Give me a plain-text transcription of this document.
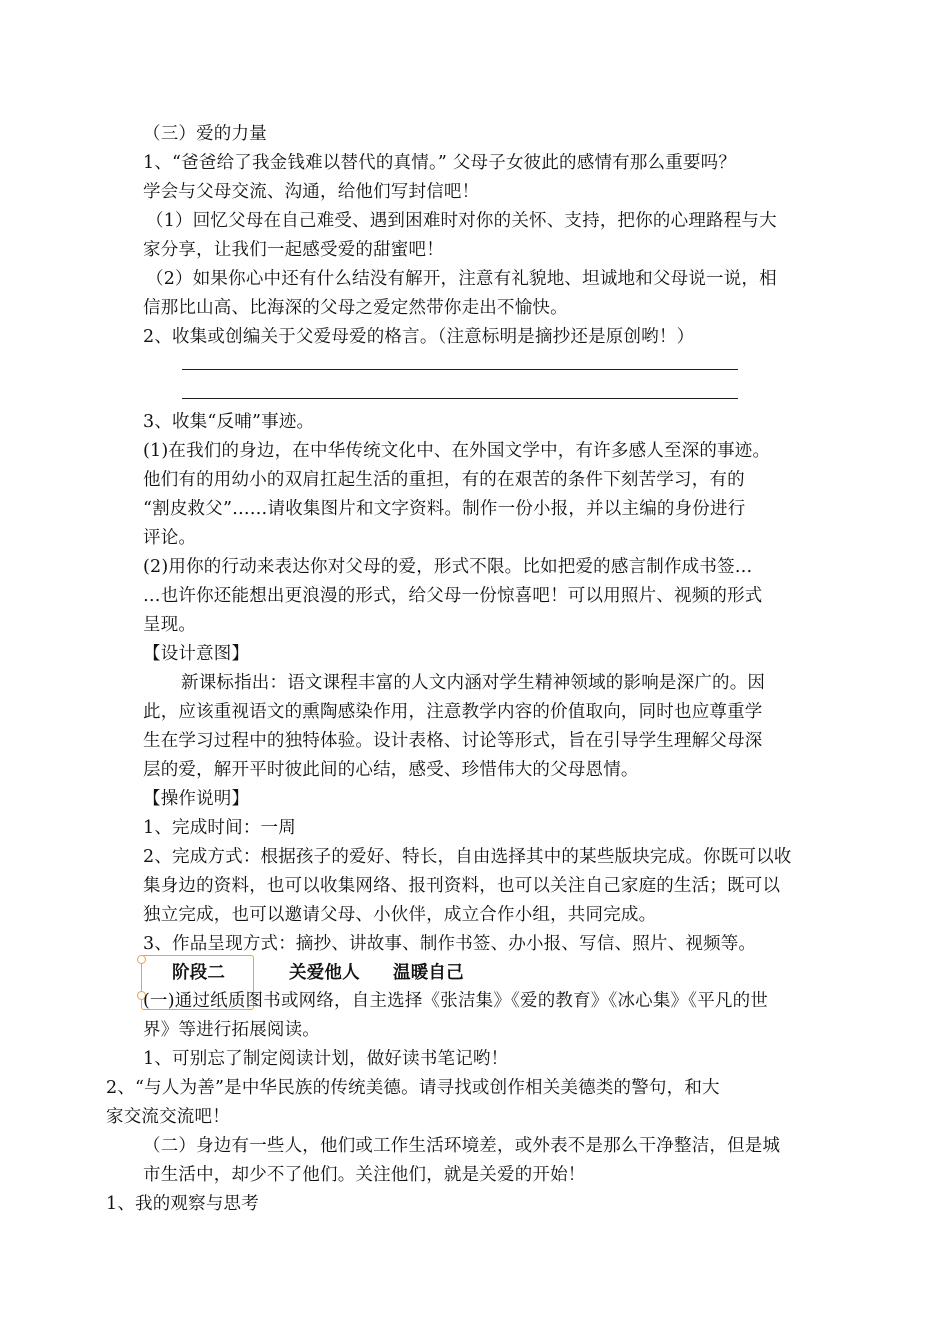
（三）爱的力量
1、“爸爸给了我金钱难以替代的真情。” 父母子女彼此的感情有那么重要吗？
学会与父母交流、沟通，给他们写封信吧！
（1）回忆父母在自己难受、遇到困难时对你的关怀、支持，把你的心理路程与大
家分享，让我们一起感受爱的甜蜜吧！
（2）如果你心中还有什么结没有解开，注意有礼貌地、坦诚地和父母说一说，相
信那比山高、比海深的父母之爱定然带你走出不愉快。
2、收集或创编关于父爱母爱的格言。（注意标明是摘抄还是原创哟！）
3、收集“反哺”事迹。
(1)在我们的身边，在中华传统文化中、在外国文学中，有许多感人至深的事迹。
他们有的用幼小的双肩扛起生活的重担，有的在艰苦的条件下刻苦学习，有的
“割皮救父”……请收集图片和文字资料。制作一份小报，并以主编的身份进行
评论。
(2)用你的行动来表达你对父母的爱，形式不限。比如把爱的感言制作成书签…
…也许你还能想出更浪漫的形式，给父母一份惊喜吧！可以用照片、视频的形式
呈现。
【设计意图】
新课标指出：语文课程丰富的人文内涵对学生精神领域的影响是深广的。因
此，应该重视语文的熏陶感染作用，注意教学内容的价值取向，同时也应尊重学
生在学习过程中的独特体验。设计表格、讨论等形式，旨在引导学生理解父母深
层的爱，解开平时彼此间的心结，感受、珍惜伟大的父母恩情。
【操作说明】
1、完成时间：一周
2、完成方式：根据孩子的爱好、特长，自由选择其中的某些版块完成。你既可以收
集身边的资料，也可以收集网络、报刊资料，也可以关注自己家庭的生活；既可以
独立完成，也可以邀请父母、小伙伴，成立合作小组，共同完成。
3、作品呈现方式：摘抄、讲故事、制作书签、办小报、写信、照片、视频等。
阶段二	关爱他人 温暖自己
(一)通过纸质图书或网络，自主选择《张洁集》《爱的教育》《冰心集》《平凡的世
界》等进行拓展阅读。
1、可别忘了制定阅读计划，做好读书笔记哟！
2、“与人为善”是中华民族的传统美德。请寻找或创作相关美德类的警句，和大
家交流交流吧！
（二）身边有一些人，他们或工作生活环境差，或外表不是那么干净整洁，但是城
市生活中，却少不了他们。关注他们，就是关爱的开始！
1、我的观察与思考
